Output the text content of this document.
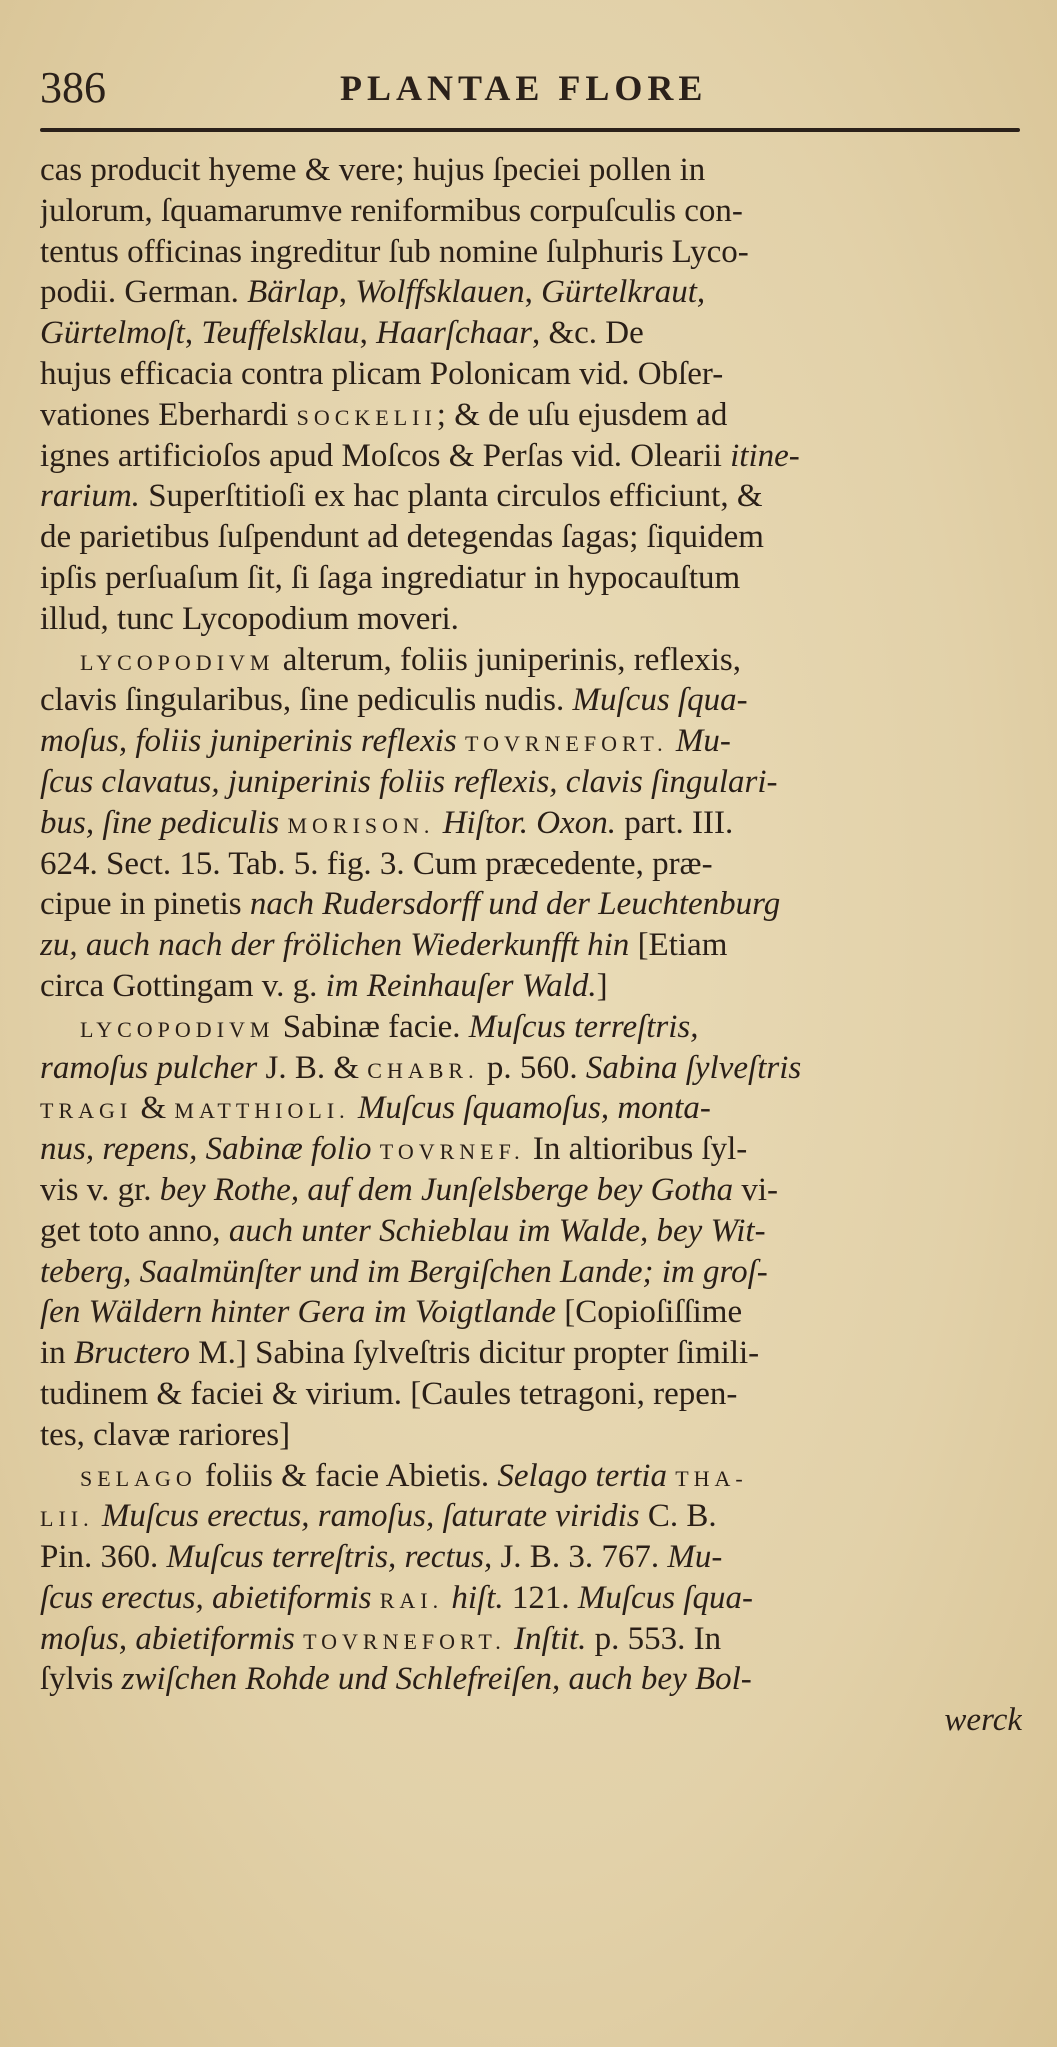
386	PLANTAE FLORE
cas producit hyeme & vere; hujus ſpeciei pollen in
julorum, ſquamarumve reniformibus corpuſculis con-
tentus officinas ingreditur ſub nomine ſulphuris Lyco-
podii. German. Bärlap, Wolffsklauen, Gürtelkraut,
Gürtelmoſt, Teuffelsklau, Haarſchaar, &c. De
hujus efficacia contra plicam Polonicam vid. Obſer-
vationes Eberhardi SOCKELII; & de uſu ejusdem ad
ignes artificioſos apud Moſcos & Perſas vid. Olearii itine-
rarium. Superſtitioſi ex hac planta circulos efficiunt, &
de parietibus ſuſpendunt ad detegendas ſagas; ſiquidem
ipſis perſuaſum ſit, ſi ſaga ingrediatur in hypocauſtum
illud, tunc Lycopodium moveri.
LYCOPODIVM alterum, foliis juniperinis, reflexis,
clavis ſingularibus, ſine pediculis nudis. Muſcus ſqua-
moſus, foliis juniperinis reflexis TOVRNEFORT. Mu-
ſcus clavatus, juniperinis foliis reflexis, clavis ſingulari-
bus, ſine pediculis MORISON. Hiſtor. Oxon. part. III.
624. Sect. 15. Tab. 5. fig. 3. Cum præcedente, præ-
cipue in pinetis nach Rudersdorff und der Leuchtenburg
zu, auch nach der frölichen Wiederkunfft hin [Etiam
circa Gottingam v. g. im Reinhauſer Wald.]
LYCOPODIVM Sabinæ facie. Muſcus terreſtris,
ramoſus pulcher J. B. & CHABR. p. 560. Sabina ſylveſtris
TRAGI & MATTHIOLI. Muſcus ſquamoſus, monta-
nus, repens, Sabinæ folio TOVRNEF. In altioribus ſyl-
vis v. gr. bey Rothe, auf dem Junſelsberge bey Gotha vi-
get toto anno, auch unter Schieblau im Walde, bey Wit-
teberg, Saalmünſter und im Bergiſchen Lande; im groſ-
ſen Wäldern hinter Gera im Voigtlande [Copioſiſſime
in Bructero M.] Sabina ſylveſtris dicitur propter ſimili-
tudinem & faciei & virium. [Caules tetragoni, repen-
tes, clavæ rariores]
SELAGO foliis & facie Abietis. Selago tertia THA-
LII. Muſcus erectus, ramoſus, ſaturate viridis C. B.
Pin. 360. Muſcus terreſtris, rectus, J. B. 3. 767. Mu-
ſcus erectus, abietiformis RAI. hiſt. 121. Muſcus ſqua-
moſus, abietiformis TOVRNEFORT. Inſtit. p. 553. In
ſylvis zwiſchen Rohde und Schlefreiſen, auch bey Bol-
werck
